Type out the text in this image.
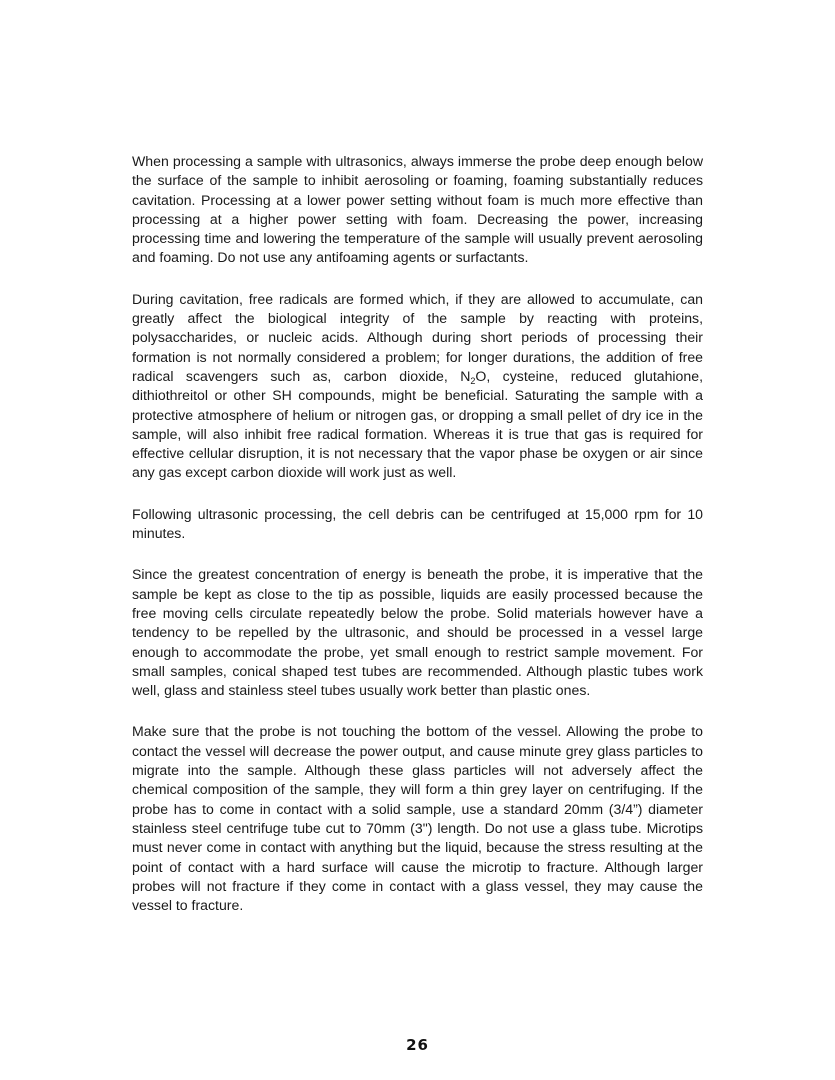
When processing a sample with ultrasonics, always immerse the probe deep enough below the surface of the sample to inhibit aerosoling or foaming, foaming substantially reduces cavitation. Processing at a lower power setting without foam is much more effective than processing at a higher power setting with foam. Decreasing the power, increasing processing time and lowering the temperature of the sample will usually prevent aerosoling and foaming. Do not use any antifoaming agents or surfactants.

During cavitation, free radicals are formed which, if they are allowed to accumulate, can greatly affect the biological integrity of the sample by reacting with proteins, polysaccharides, or nucleic acids. Although during short periods of processing their formation is not normally considered a problem; for longer durations, the addition of free radical scavengers such as, carbon dioxide, $N_2O$, cysteine, reduced glutahione, dithiothreitol or other SH compounds, might be beneficial. Saturating the sample with a protective atmosphere of helium or nitrogen gas, or dropping a small pellet of dry ice in the sample, will also inhibit free radical formation. Whereas it is true that gas is required for effective cellular disruption, it is not necessary that the vapor phase be oxygen or air since any gas except carbon dioxide will work just as well.

Following ultrasonic processing, the cell debris can be centrifuged at 15,000 rpm for 10 minutes.

Since the greatest concentration of energy is beneath the probe, it is imperative that the sample be kept as close to the tip as possible, liquids are easily processed because the free moving cells circulate repeatedly below the probe. Solid materials however have a tendency to be repelled by the ultrasonic, and should be processed in a vessel large enough to accommodate the probe, yet small enough to restrict sample movement. For small samples, conical shaped test tubes are recommended. Although plastic tubes work well, glass and stainless steel tubes usually work better than plastic ones.

Make sure that the probe is not touching the bottom of the vessel. Allowing the probe to contact the vessel will decrease the power output, and cause minute grey glass particles to migrate into the sample. Although these glass particles will not adversely affect the chemical composition of the sample, they will form a thin grey layer on centrifuging. If the probe has to come in contact with a solid sample, use a standard 20mm (3/4”) diameter stainless steel centrifuge tube cut to 70mm (3") length. Do not use a glass tube. Microtips must never come in contact with anything but the liquid, because the stress resulting at the point of contact with a hard surface will cause the microtip to fracture. Although larger probes will not fracture if they come in contact with a glass vessel, they may cause the vessel to fracture.

26
